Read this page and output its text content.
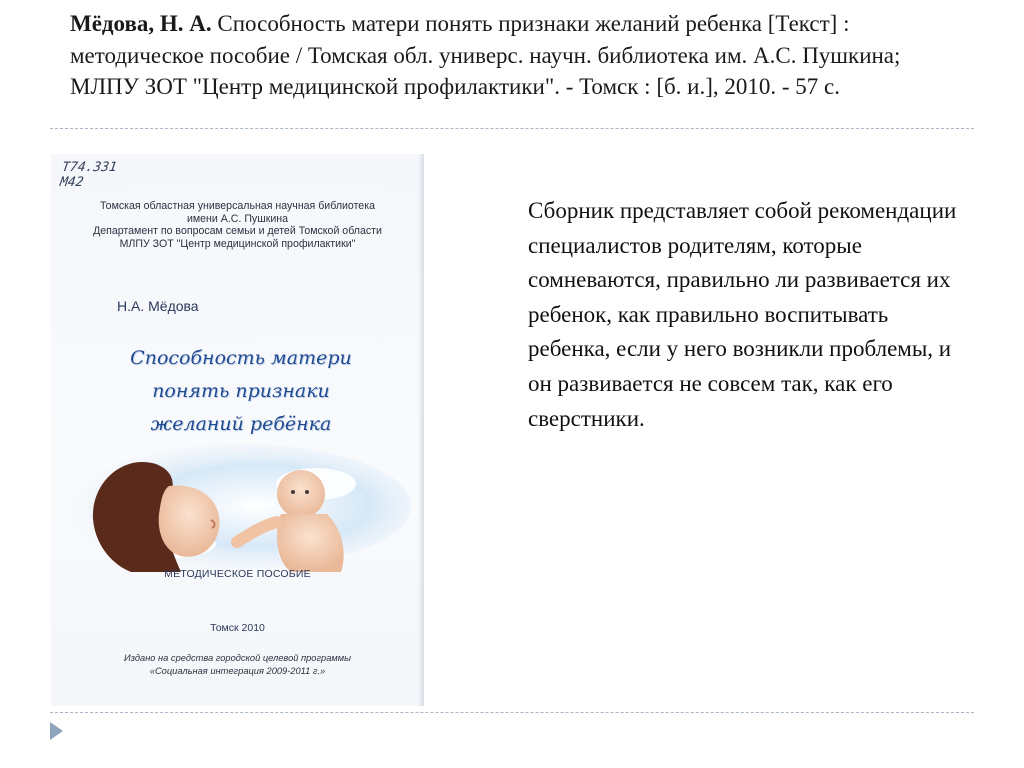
Мёдова, Н. А. Способность матери понять признаки желаний ребенка [Текст] : методическое пособие / Томская обл. универс. научн. библиотека им. А.С. Пушкина; МЛПУ ЗОТ "Центр медицинской профилактики". - Томск : [б. и.], 2010. - 57 с.
Т74.331
М42
Томская областная универсальная научная библиотека
имени А.С. Пушкина
Департамент по вопросам семьи и детей Томской области
МЛПУ ЗОТ "Центр медицинской профилактики"
Н.А. Мёдова
Способность матери
понять признаки
желаний ребёнка
МЕТОДИЧЕСКОЕ ПОСОБИЕ
Томск 2010
Издано на средства городской целевой программы
«Социальная интеграция 2009-2011 г.»
Сборник представляет собой рекомендации специалистов родителям, которые сомневаются, правильно ли развивается их ребенок, как правильно воспитывать ребенка, если у него возникли проблемы, и он развивается не совсем так, как его сверстники.
